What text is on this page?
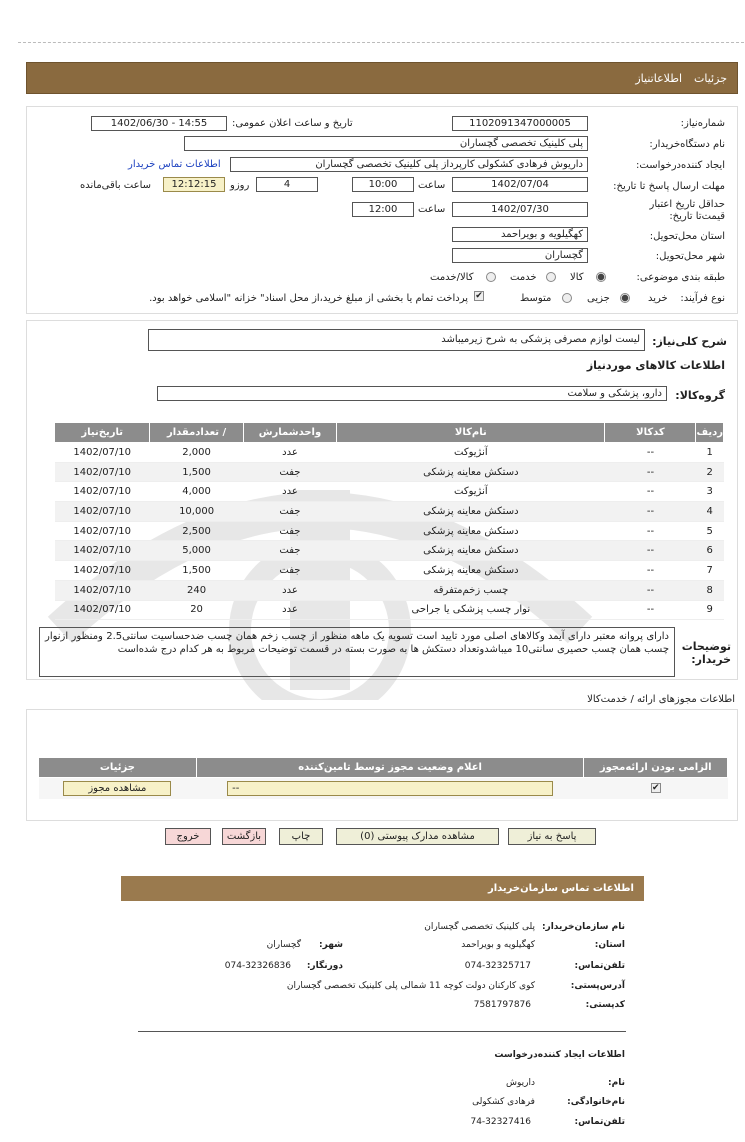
جزئیات
اطلاعاتنیاز
شماره‌نیاز:
1102091347000005
تاریخ و ساعت اعلان عمومی:
1402/06/30 - 14:55
نام دستگاه‌خریدار:
پلی کلینیک تخصصی گچساران
ایجاد کننده‌درخواست:
داریوش فرهادی کشکولی کارپرداز پلی کلینیک تخصصی گچساران
اطلاعات تماس خریدار
مهلت ارسال پاسخ تا تاریخ:
1402/07/04
ساعت
10:00
4
روزو
12:12:15
ساعت باقی‌مانده
حداقل تاریخ اعتبار قیمت‌تا تاریخ:
1402/07/30
ساعت
12:00
استان محل‌تحویل:
کهگیلویه و بویراحمد
شهر محل‌تحویل:
گچساران
طبقه بندی موضوعی:
کالا
خدمت
کالا/خدمت
نوع فرآیند:
خرید
جزیی
متوسط
✔
پرداخت تمام یا بخشی از مبلغ خرید،از محل اسناد" خزانه "اسلامی خواهد بود.
شرح کلی‌نیاز:
لیست لوازم مصرفی پزشکی به شرح زیرمیباشد
اطلاعات کالاهای موردنیاز
گروه‌کالا:
دارو، پزشکی و سلامت
ردیف	کدکالا	نام‌کالا	واحدشمارش	/ تعدادمقدار	تاریخ‌نیاز
1	--	آنژیوکت	عدد	2,000	1402/07/10
2	--	دستکش معاینه پزشکی	جفت	1,500	1402/07/10
3	--	آنژیوکت	عدد	4,000	1402/07/10
4	--	دستکش معاینه پزشکی	جفت	10,000	1402/07/10
5	--	دستکش معاینه پزشکی	جفت	2,500	1402/07/10
6	--	دستکش معاینه پزشکی	جفت	5,000	1402/07/10
7	--	دستکش معاینه پزشکی	جفت	1,500	1402/07/10
8	--	چسب زخم‌متفرقه	عدد	240	1402/07/10
9	--	نوار چسب پزشکی یا جراحی	عدد	20	1402/07/10
توضیحات خریدار:
دارای پروانه معتبر دارای آیمد وکالاهای اصلی مورد تایید است تسویه یک ماهه منظور از چسب زخم همان چسب ضدحساسیت سانتی2.5 ومنظور ازنوار چسب همان چسب حصیری سانتی10 میباشدوتعداد دستکش ها به صورت بسته در قسمت توضیحات مربوط به هر کدام درج شده‌است
اطلاعات مجوزهای ارائه / خدمت‌کالا
الزامی بودن ارائه‌مجوز	اعلام وضعیت مجوز توسط تامین‌کننده	جزئیات
✔	--	مشاهده مجوز
پاسخ به نیاز
مشاهده مدارک پیوستی (0)
چاپ
بازگشت
خروج
اطلاعات تماس سازمان‌خریدار
نام سازمان‌خریدار:
پلی کلینیک تخصصی گچساران
استان:
کهگیلویه و بویراحمد
شهر:
گچساران
تلفن‌تماس:
074-32325717
دورنگار:
074-32326836
آدرس‌پستی:
کوی کارکنان دولت کوچه 11 شمالی پلی کلینیک تخصصی گچساران
کدپستی:
7581797876
اطلاعات ایجاد کننده‌درخواست
نام:
داریوش
نام‌خانوادگی:
فرهادی کشکولی
تلفن‌تماس:
74-32327416
